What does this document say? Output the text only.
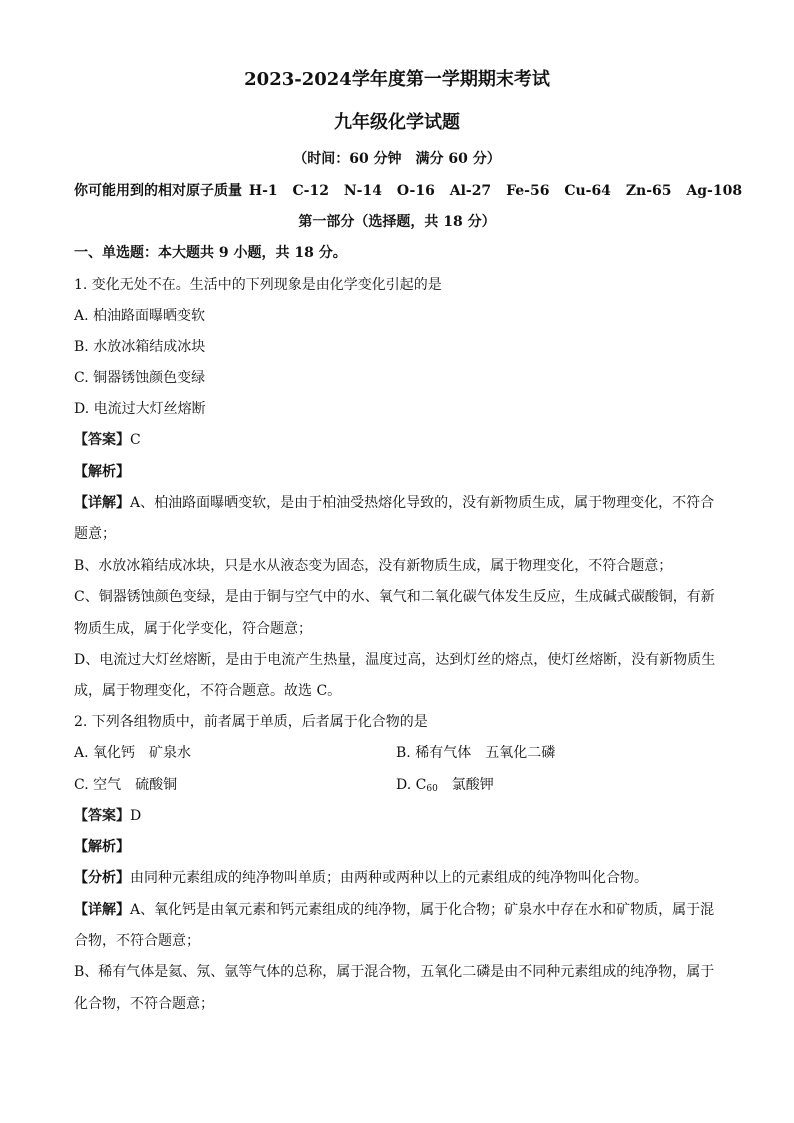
2023-2024学年度第一学期期末考试
九年级化学试题
（时间：60 分钟　满分 60 分）
你可能用到的相对原子质量 H-1 C-12 N-14 O-16 Al-27 Fe-56 Cu-64 Zn-65 Ag-108
第一部分（选择题，共 18 分）
一、单选题：本大题共 9 小题，共 18 分。
1. 变化无处不在。生活中的下列现象是由化学变化引起的是
A. 柏油路面曝晒变软
B. 水放冰箱结成冰块
C. 铜器锈蚀颜色变绿
D. 电流过大灯丝熔断
【答案】C
【解析】
【详解】A、柏油路面曝晒变软，是由于柏油受热熔化导致的，没有新物质生成，属于物理变化，不符合
题意；
B、水放冰箱结成冰块，只是水从液态变为固态，没有新物质生成，属于物理变化，不符合题意；
C、铜器锈蚀颜色变绿，是由于铜与空气中的水、氧气和二氧化碳气体发生反应，生成碱式碳酸铜，有新
物质生成，属于化学变化，符合题意；
D、电流过大灯丝熔断，是由于电流产生热量，温度过高，达到灯丝的熔点，使灯丝熔断，没有新物质生
成，属于物理变化，不符合题意。故选 C。
2. 下列各组物质中，前者属于单质，后者属于化合物的是
A. 氧化钙　矿泉水	B. 稀有气体　五氧化二磷
C. 空气　硫酸铜	D. $C_{60}$　氯酸钾
【答案】D
【解析】
【分析】由同种元素组成的纯净物叫单质；由两种或两种以上的元素组成的纯净物叫化合物。
【详解】A、氧化钙是由氧元素和钙元素组成的纯净物，属于化合物；矿泉水中存在水和矿物质，属于混
合物，不符合题意；
B、稀有气体是氦、氖、氩等气体的总称，属于混合物，五氧化二磷是由不同种元素组成的纯净物，属于
化合物，不符合题意；
